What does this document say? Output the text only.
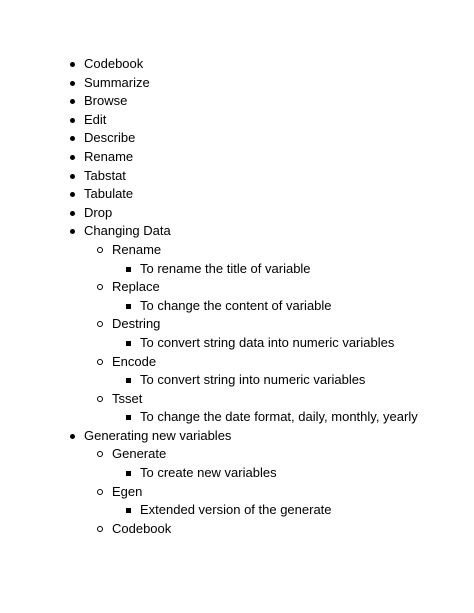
Codebook
Summarize
Browse
Edit
Describe
Rename
Tabstat
Tabulate
Drop
Changing Data
Rename
To rename the title of variable
Replace
To change the content of variable
Destring
To convert string data into numeric variables
Encode
To convert string into numeric variables
Tsset
To change the date format, daily, monthly, yearly
Generating new variables
Generate
To create new variables
Egen
Extended version of the generate
Codebook
